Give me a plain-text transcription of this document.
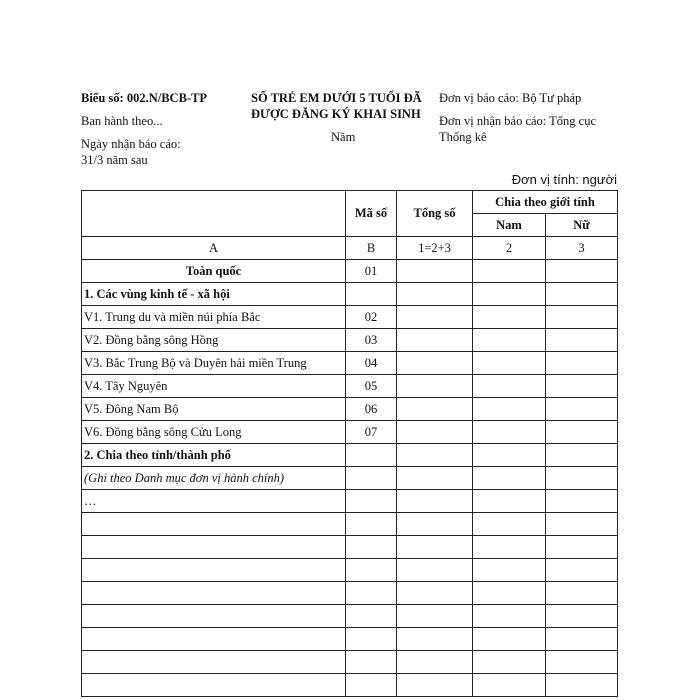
Biểu số: 002.N/BCB-TP
Ban hành theo...
Ngày nhận báo cáo:
31/3 năm sau
SỐ TRẺ EM DƯỚI 5 TUỔI ĐÃ
ĐƯỢC ĐĂNG KÝ KHAI SINH
Năm
Đơn vị báo cáo: Bộ Tư pháp
Đơn vị nhận báo cáo: Tổng cục
Thống kê
Đơn vị tính: người
	Mã số	Tổng số	Chia theo giới tính	
			Nam	Nữ
A	B	1=2+3	2	3
Toàn quốc	01			
1. Các vùng kinh tế - xã hội				
V1. Trung du và miền núi phía Bắc	02			
V2. Đồng bằng sông Hồng	03			
V3. Bắc Trung Bộ và Duyên hải miền Trung	04			
V4. Tây Nguyên	05			
V5. Đông Nam Bộ	06			
V6. Đồng bằng sông Cửu Long	07			
2. Chia theo tỉnh/thành phố				
(Ghi theo Danh mục đơn vị hành chính)				
…				
